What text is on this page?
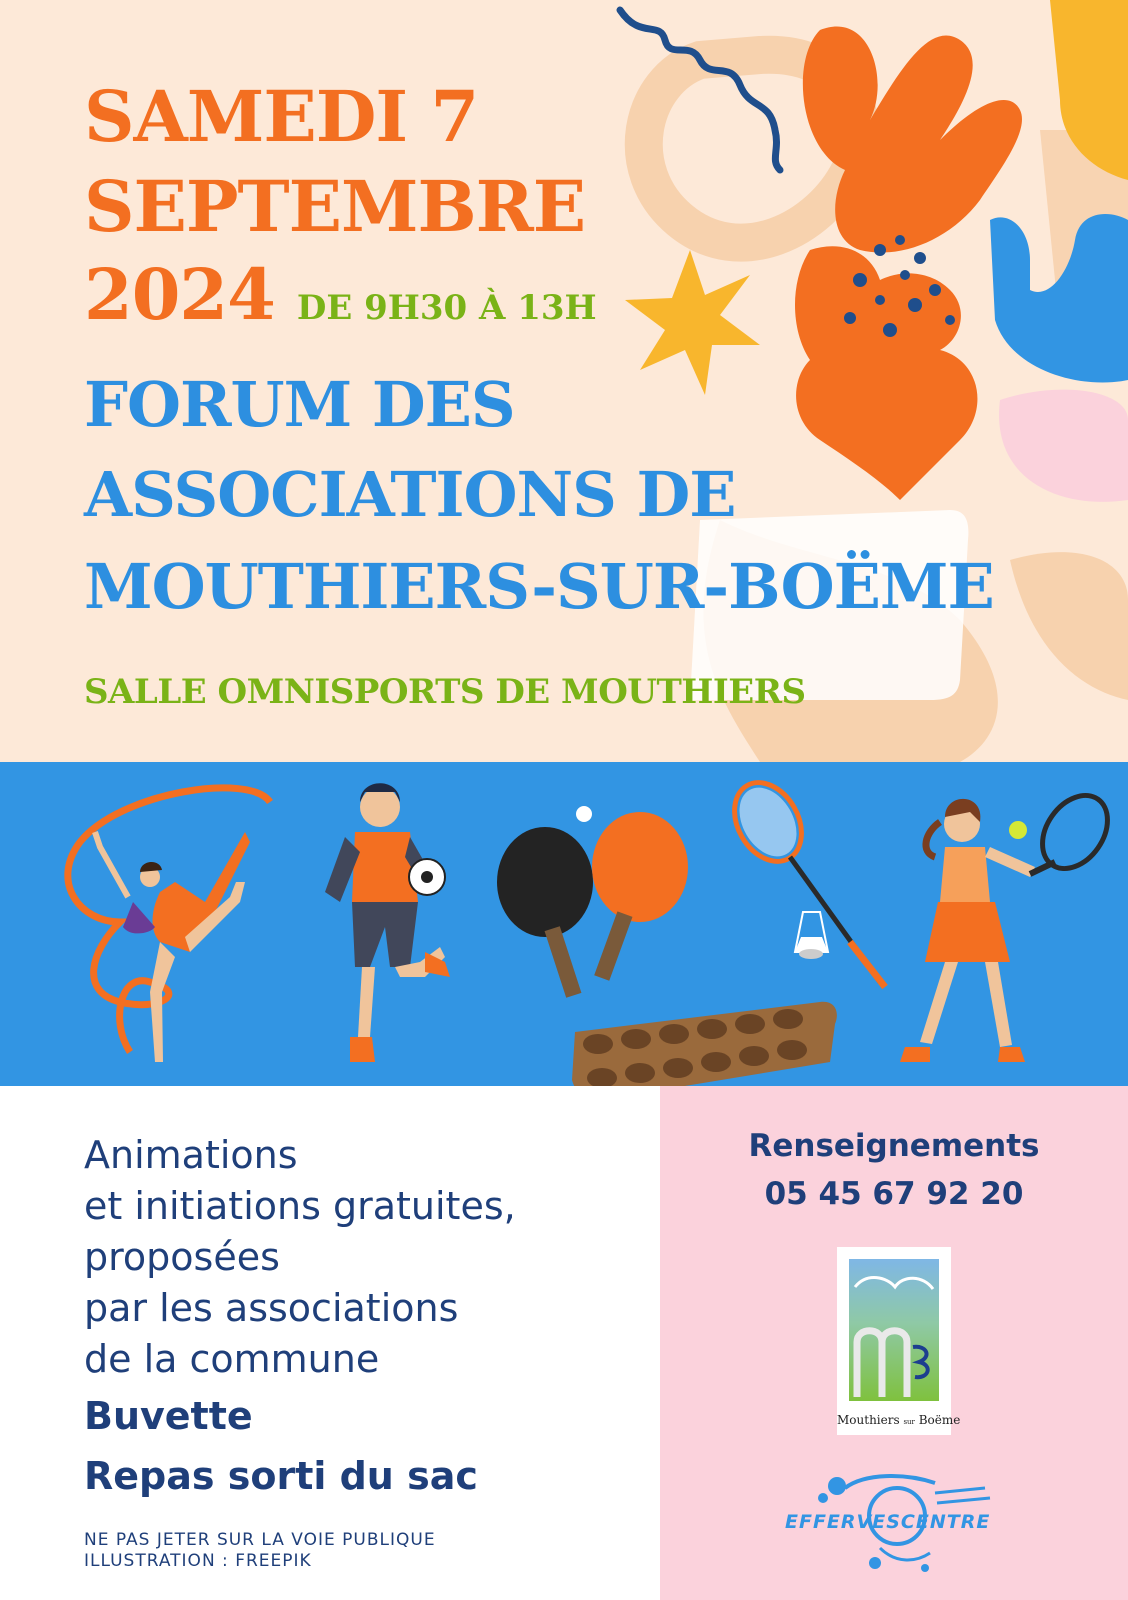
SAMEDI 7
SEPTEMBRE
2024 DE 9H30 À 13H
FORUM DES
ASSOCIATIONS DE
MOUTHIERS-SUR-BOËME
SALLE OMNISPORTS DE MOUTHIERS
Animations
et initiations gratuites,
proposées
par les associations
de la commune
Buvette
Repas sorti du sac
NE PAS JETER SUR LA VOIE PUBLIQUE
ILLUSTRATION : FREEPIK
Renseignements
05 45 67 92 20
Mouthiers sur Boëme
EFFERVESCENTRE
